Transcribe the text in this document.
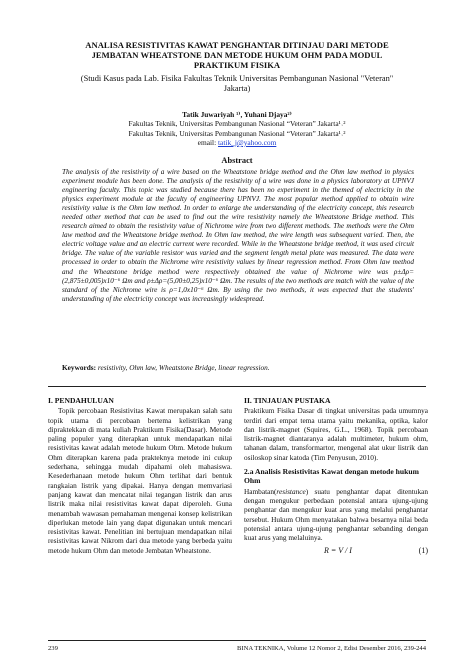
ANALISA RESISTIVITAS KAWAT PENGHANTAR DITINJAU DARI METODE
JEMBATAN WHEATSTONE DAN METODE HUKUM OHM PADA MODUL
PRAKTIKUM FISIKA
(Studi Kasus pada Lab. Fisika Fakultas Teknik Universitas Pembangunan Nasional "Veteran"
Jakarta)
Tatik Juwariyah ¹⁾, Yuhani Djaya²⁾
Fakultas Teknik, Universitas Pembangunan Nasional “Veteran” Jakarta¹˒²
Fakultas Teknik, Universitas Pembangunan Nasional “Veteran” Jakarta¹˒²
email: tatik_j@yahoo.com
Abstract
The analysis of the resistivity of a wire based on the Wheatstone bridge method and the Ohm law method in physics experiment module has been done. The analysis of the resistivity of a wire was done in a physics laboratory at UPNVJ engineering faculty. This topic was studied because there has been no experiment in the themed of electricity in the physics experiment module at the faculty of engineering UPNVJ. The most popular method applied to obtain wire resistivity value is the Ohm law method. In order to enlarge the understanding of the electricity concept, this research needed other method that can be used to find out the wire resistivity namely the Wheatstone Bridge method. This research aimed to obtain the resistivity value of Nichrome wire from two different methods. The methods were the Ohm law method and the Wheatstone bridge method. In Ohm law method, the wire length was subsequent varied. Then, the electric voltage value and an electric current were recorded. While in the Wheatstone bridge method, it was used circuit bridge. The value of the variable resistor was varied and the segment length metal plate was measured. The data were processed in order to obtain the Nichrome wire resistivity values by linear regression method. From Ohm law method and the Wheatstone bridge method were respectively obtained the value of Nichrome wire was ρ±Δρ=(2,875±0,005)x10⁻⁶ Ωm and ρ±Δρ=(5,00±0,25)x10⁻⁶ Ωm. The results of the two methods are match with the value of the standard of the Nichrome wire is ρ=1,0x10⁻⁶ Ωm. By using the two methods, it was expected that the students' understanding of the electricity concept was increasingly widespread.
Keywords: resistivity, Ohm law, Wheatstone Bridge, linear regression.
I. PENDAHULUAN

Topik percobaan Resistivitas Kawat merupakan salah satu topik utama di percobaan bertema kelistrikan yang dipraktekkan di mata kuliah Praktikum Fisika(Dasar). Metode paling populer yang diterapkan untuk mendapatkan nilai resistivitas kawat adalah metode hukum Ohm. Metode hukum Ohm diterapkan karena pada prakteknya metode ini cukup sederhana, sehingga mudah dipahami oleh mahasiswa. Kesederhanaan metode hukum Ohm terlihat dari bentuk rangkaian listrik yang dipakai. Hanya dengan memvariasi panjang kawat dan mencatat nilai tegangan listrik dan arus listrik maka nilai resistivitas kawat dapat diperoleh. Guna menambah wawasan pemahaman mengenai konsep kelistrikan diperlukan metode lain yang dapat digunakan untuk mencari resistivitas kawat. Penelitian ini bertujuan mendapatkan nilai resistivitas kawat Nikrom dari dua metode yang berbeda yaitu metode hukum Ohm dan metode Jembatan Wheatstone.

II. TINJAUAN PUSTAKA

Praktikum Fisika Dasar di tingkat universitas pada umumnya terdiri dari empat tema utama yaitu mekanika, optika, kalor dan listrik-magnet (Squires, G.L., 1968). Topik percobaan listrik-magnet diantaranya adalah multimeter, hukum ohm, tahanan dalam, transformartor, mengenal alat ukur listrik dan osiloskop sinar katoda (Tim Penyusun, 2010).

2.a Analisis Resistivitas Kawat dengan metode hukum Ohm

Hambatan(resistance) suatu penghantar dapat ditentukan dengan mengukur perbedaan potensial antara ujung-ujung penghantar dan mengukur kuat arus yang melalui penghantar tersebut. Hukum Ohm menyatakan bahwa besarnya nilai beda potensial antara ujung-ujung penghantar sebanding dengan kuat arus yang melaluinya.

R = V / I	(1)
239	BINA TEKNIKA, Volume 12 Nomor 2, Edisi Desember 2016, 239-244
